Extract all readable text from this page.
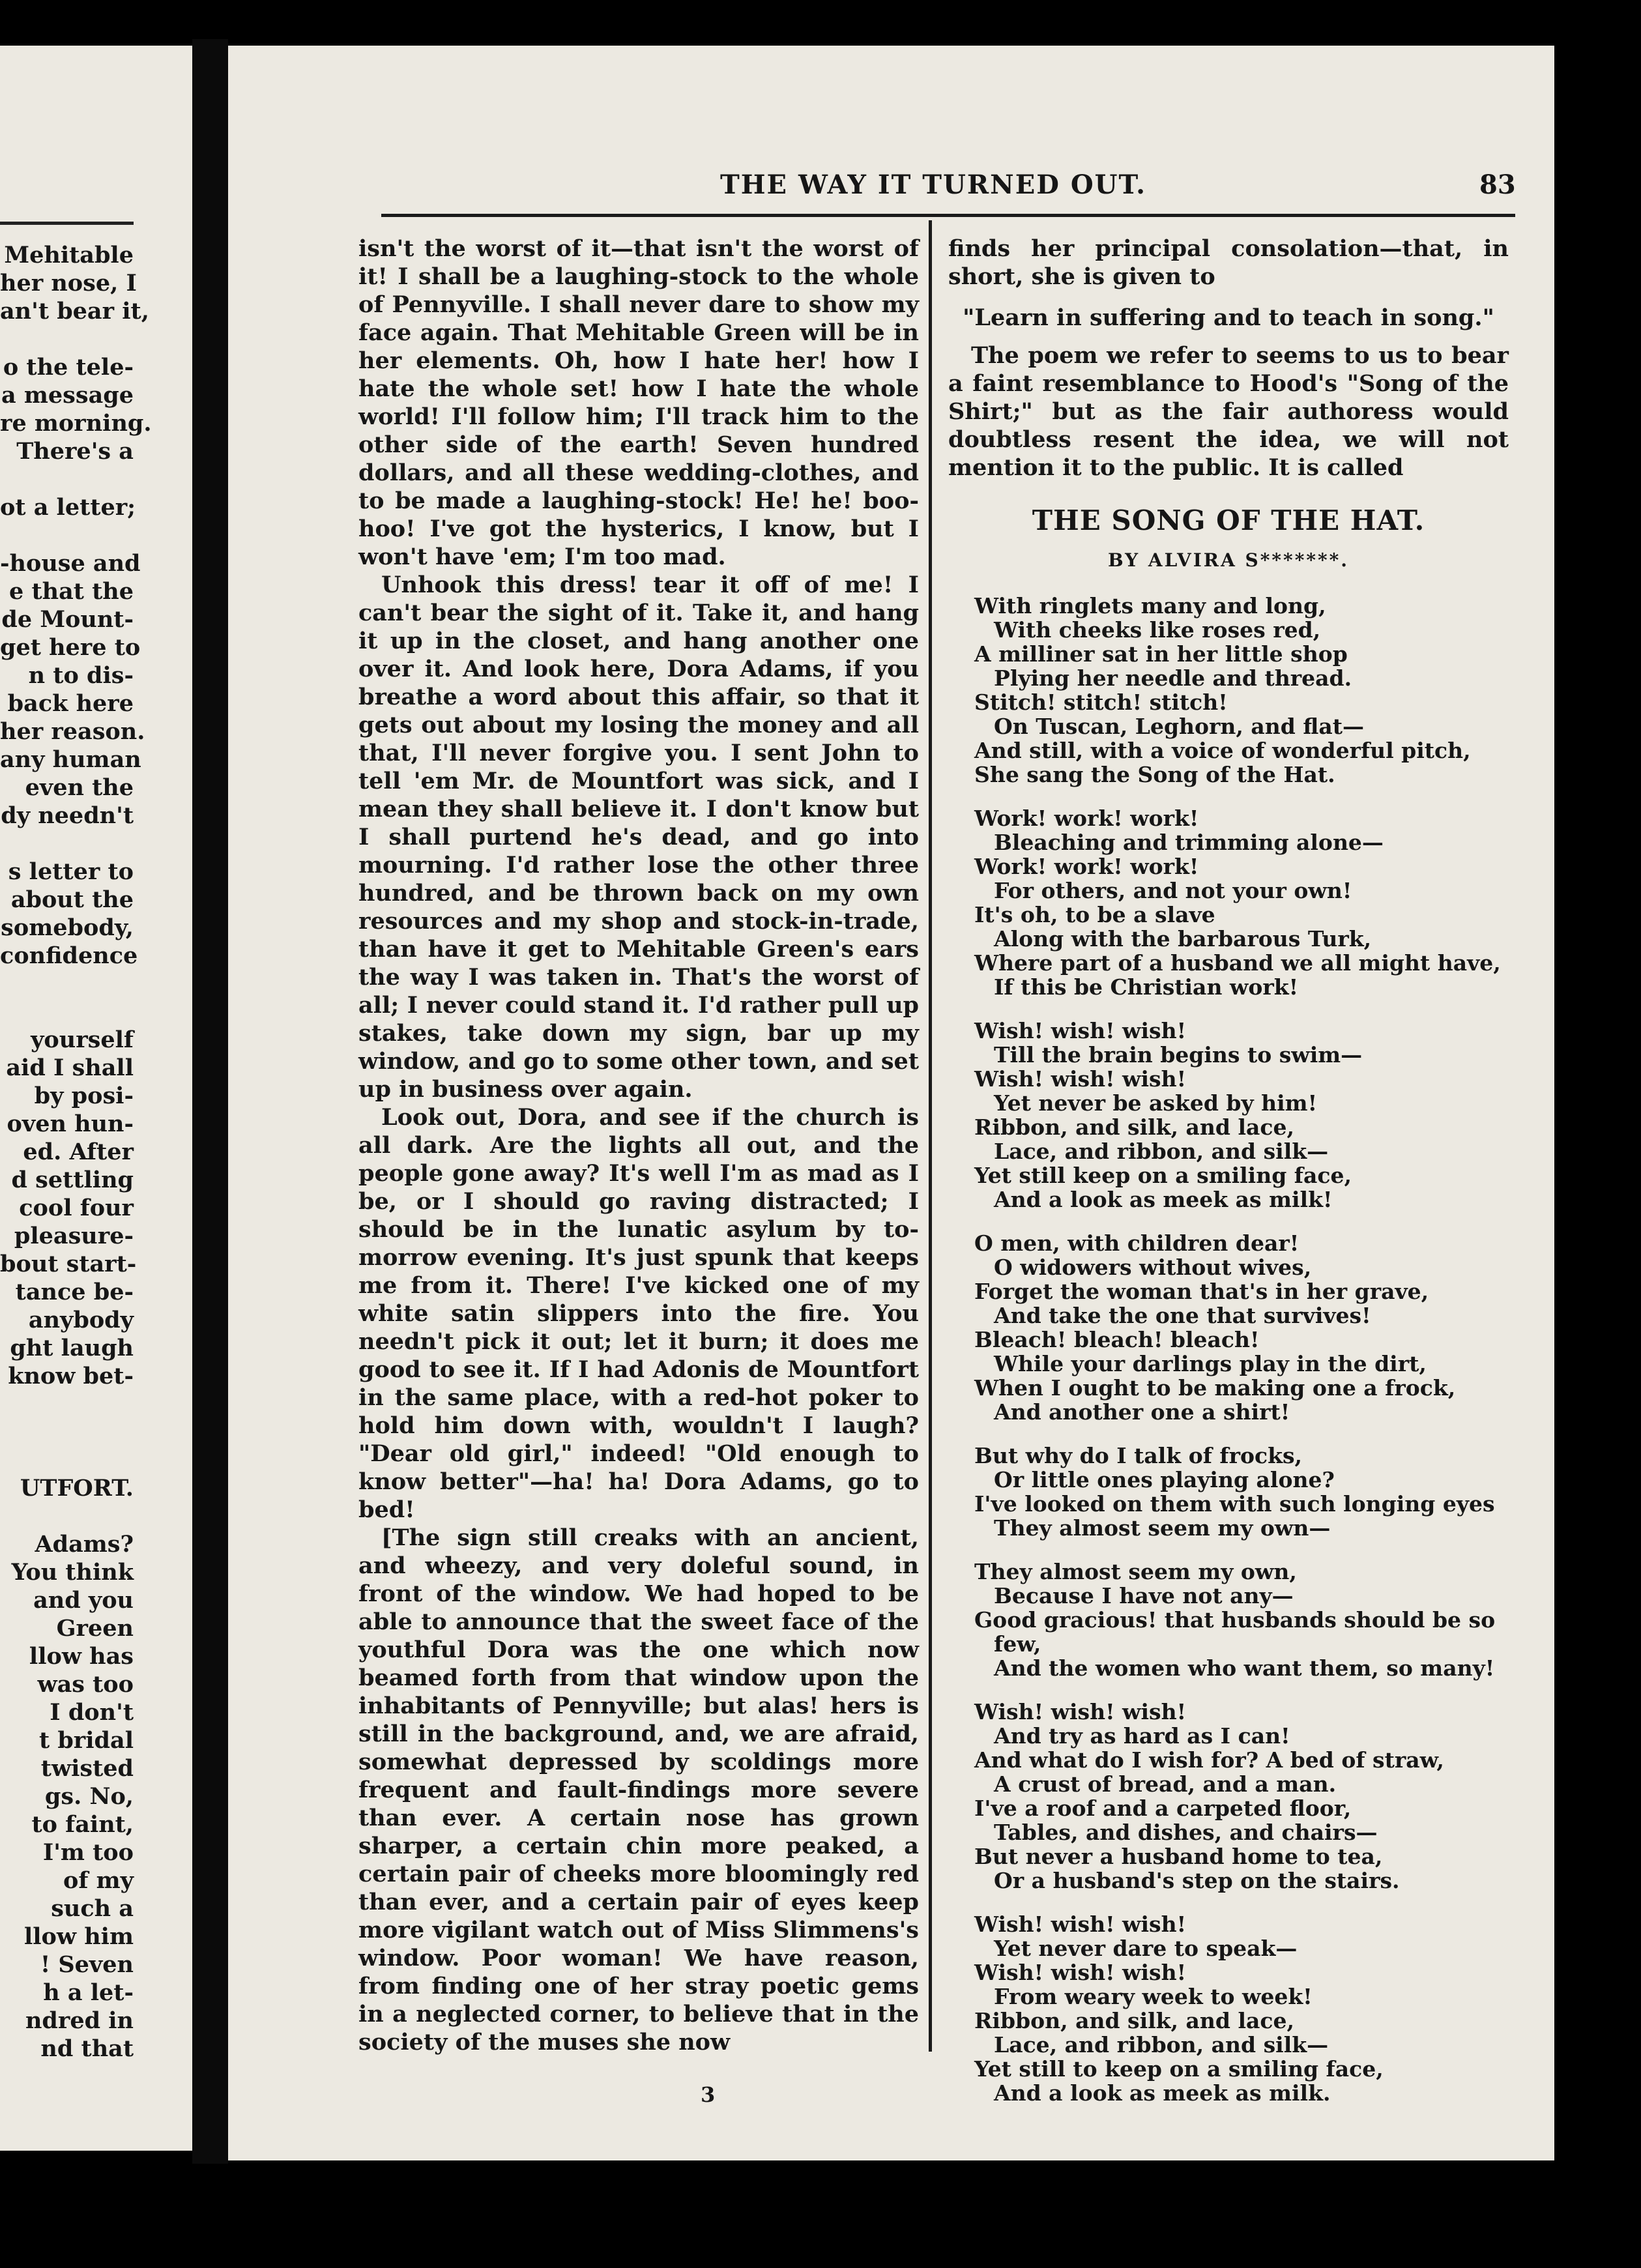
Mehitable
her nose, I
an't bear it,
o the tele-
a message
re morning.
There's a
ot a letter;
-house and
e that the
de Mount-
get here to
n to dis-
back here
her reason.
any human
even the
dy needn't
s letter to
about the
somebody,
confidence
yourself
aid I shall
by posi-
oven hun-
ed. After
d settling
cool four
pleasure-
bout start-
tance be-
anybody
ght laugh
know bet-
UTFORT.
Adams?
You think
and you
Green
llow has
was too
I don't
t bridal
twisted
gs. No,
to faint,
I'm too
of my
such a
llow him
! Seven
h a let-
ndred in
nd that
THE WAY IT TURNED OUT.	83

isn't the worst of it—that isn't the worst of it! I shall be a laughing-stock to the whole of Pennyville. I shall never dare to show my face again. That Mehitable Green will be in her elements. Oh, how I hate her! how I hate the whole set! how I hate the whole world! I'll follow him; I'll track him to the other side of the earth! Seven hundred dollars, and all these wedding-clothes, and to be made a laughing-stock! He! he! boo-hoo! I've got the hysterics, I know, but I won't have 'em; I'm too mad.

Unhook this dress! tear it off of me! I can't bear the sight of it. Take it, and hang it up in the closet, and hang another one over it. And look here, Dora Adams, if you breathe a word about this affair, so that it gets out about my losing the money and all that, I'll never forgive you. I sent John to tell 'em Mr. de Mountfort was sick, and I mean they shall believe it. I don't know but I shall purtend he's dead, and go into mourning. I'd rather lose the other three hundred, and be thrown back on my own resources and my shop and stock-in-trade, than have it get to Mehitable Green's ears the way I was taken in. That's the worst of all; I never could stand it. I'd rather pull up stakes, take down my sign, bar up my window, and go to some other town, and set up in business over again.

Look out, Dora, and see if the church is all dark. Are the lights all out, and the people gone away? It's well I'm as mad as I be, or I should go raving distracted; I should be in the lunatic asylum by to-morrow evening. It's just spunk that keeps me from it. There! I've kicked one of my white satin slippers into the fire. You needn't pick it out; let it burn; it does me good to see it. If I had Adonis de Mountfort in the same place, with a red-hot poker to hold him down with, wouldn't I laugh? "Dear old girl," indeed! "Old enough to know better"—ha! ha! Dora Adams, go to bed!

[The sign still creaks with an ancient, and wheezy, and very doleful sound, in front of the window. We had hoped to be able to announce that the sweet face of the youthful Dora was the one which now beamed forth from that window upon the inhabitants of Pennyville; but alas! hers is still in the background, and, we are afraid, somewhat depressed by scoldings more frequent and fault-findings more severe than ever. A certain nose has grown sharper, a certain chin more peaked, a certain pair of cheeks more bloomingly red than ever, and a certain pair of eyes keep more vigilant watch out of Miss Slimmens's window. Poor woman! We have reason, from finding one of her stray poetic gems in a neglected corner, to believe that in the society of the muses she now

finds her principal consolation—that, in short, she is given to

"Learn in suffering and to teach in song."

The poem we refer to seems to us to bear a faint resemblance to Hood's "Song of the Shirt;" but as the fair authoress would doubtless resent the idea, we will not mention it to the public. It is called

THE SONG OF THE HAT.
BY ALVIRA S*******.
With ringlets many and long,
With cheeks like roses red,
A milliner sat in her little shop
Plying her needle and thread.
Stitch! stitch! stitch!
On Tuscan, Leghorn, and flat—
And still, with a voice of wonderful pitch,
She sang the Song of the Hat.
Work! work! work!
Bleaching and trimming alone—
Work! work! work!
For others, and not your own!
It's oh, to be a slave
Along with the barbarous Turk,
Where part of a husband we all might have,
If this be Christian work!
Wish! wish! wish!
Till the brain begins to swim—
Wish! wish! wish!
Yet never be asked by him!
Ribbon, and silk, and lace,
Lace, and ribbon, and silk—
Yet still keep on a smiling face,
And a look as meek as milk!
O men, with children dear!
O widowers without wives,
Forget the woman that's in her grave,
And take the one that survives!
Bleach! bleach! bleach!
While your darlings play in the dirt,
When I ought to be making one a frock,
And another one a shirt!
But why do I talk of frocks,
Or little ones playing alone?
I've looked on them with such longing eyes
They almost seem my own—
They almost seem my own,
Because I have not any—
Good gracious! that husbands should be so
few,
And the women who want them, so many!
Wish! wish! wish!
And try as hard as I can!
And what do I wish for? A bed of straw,
A crust of bread, and a man.
I've a roof and a carpeted floor,
Tables, and dishes, and chairs—
But never a husband home to tea,
Or a husband's step on the stairs.
Wish! wish! wish!
Yet never dare to speak—
Wish! wish! wish!
From weary week to week!
Ribbon, and silk, and lace,
Lace, and ribbon, and silk—
Yet still to keep on a smiling face,
And a look as meek as milk.
3
